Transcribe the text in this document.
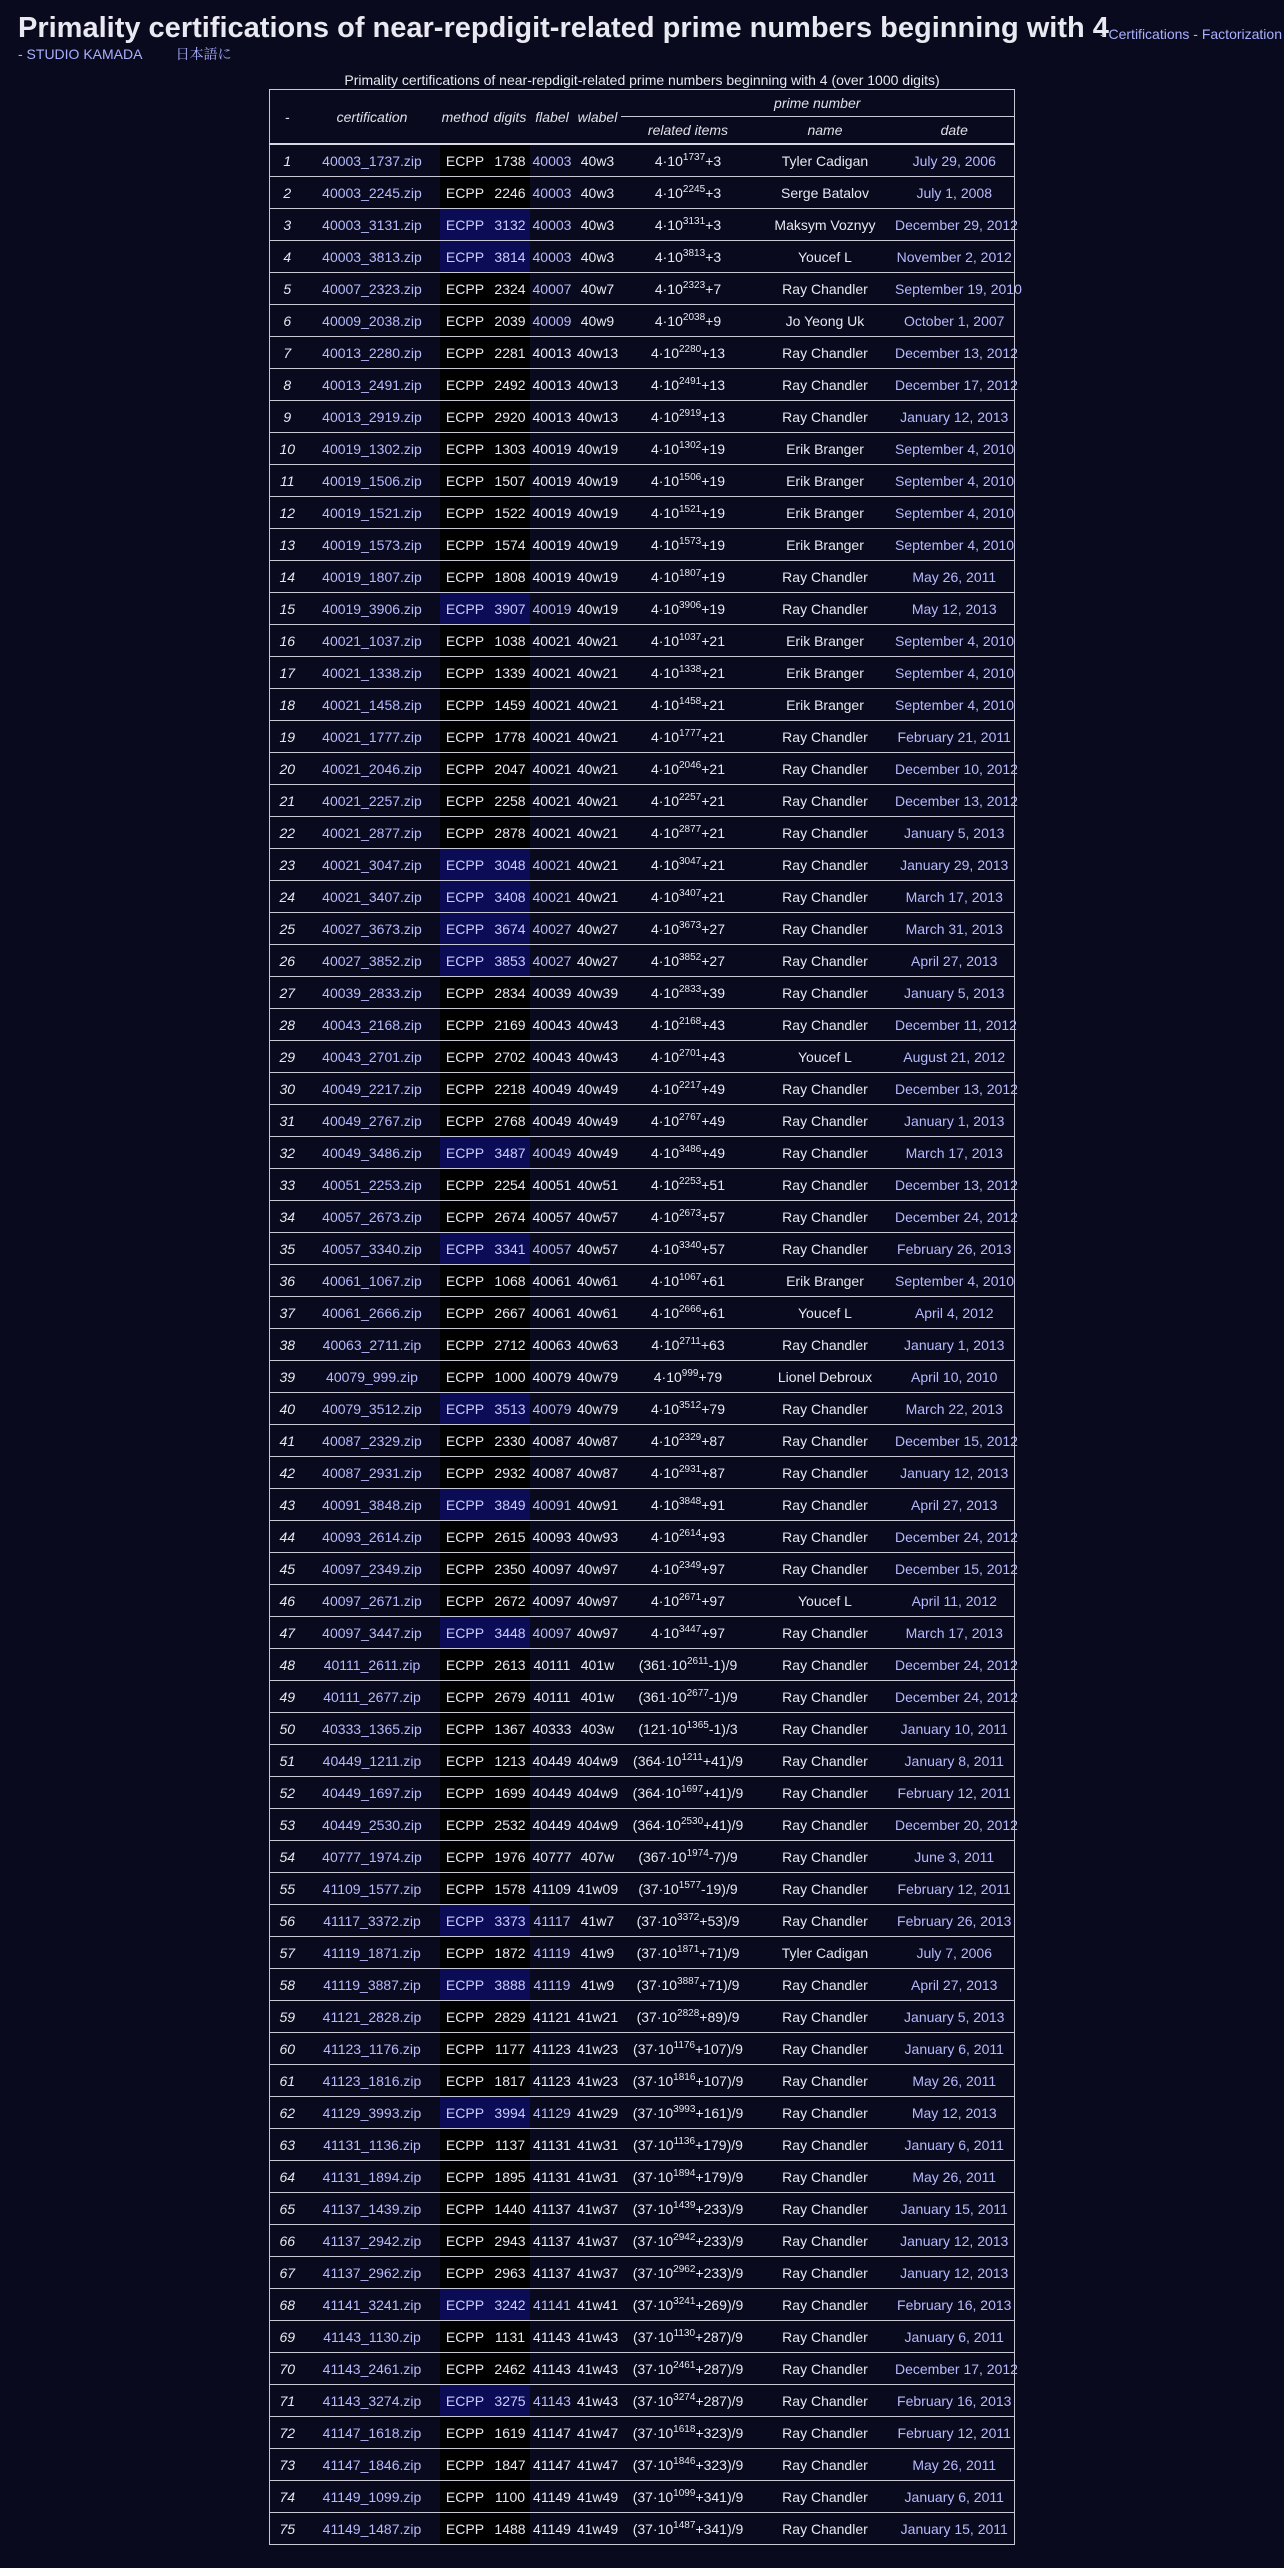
Primality certifications of near-repdigit-related prime numbers beginning with 4
- Certifications - Factorization
- STUDIO KAMADA 日本語に
Primality certifications of near-repdigit-related prime numbers beginning with 4 (over 1000 digits)
-	certification	method	digits	flabel	wlabel	prime number		
						related items	name	date
1	40003_1737.zip	ECPP	1738	40003	40w3	$4\cdot 10^{1737}+3$	Tyler Cadigan	July 29, 2006
2	40003_2245.zip	ECPP	2246	40003	40w3	$4\cdot 10^{2245}+3$	Serge Batalov	July 1, 2008
3	40003_3131.zip	ECPP	3132	40003	40w3	$4\cdot 10^{3131}+3$	Maksym Voznyy	December 29, 2012
4	40003_3813.zip	ECPP	3814	40003	40w3	$4\cdot 10^{3813}+3$	Youcef L	November 2, 2012
5	40007_2323.zip	ECPP	2324	40007	40w7	$4\cdot 10^{2323}+7$	Ray Chandler	September 19, 2010
6	40009_2038.zip	ECPP	2039	40009	40w9	$4\cdot 10^{2038}+9$	Jo Yeong Uk	October 1, 2007
7	40013_2280.zip	ECPP	2281	40013	40w13	$4\cdot 10^{2280}+13$	Ray Chandler	December 13, 2012
8	40013_2491.zip	ECPP	2492	40013	40w13	$4\cdot 10^{2491}+13$	Ray Chandler	December 17, 2012
9	40013_2919.zip	ECPP	2920	40013	40w13	$4\cdot 10^{2919}+13$	Ray Chandler	January 12, 2013
10	40019_1302.zip	ECPP	1303	40019	40w19	$4\cdot 10^{1302}+19$	Erik Branger	September 4, 2010
11	40019_1506.zip	ECPP	1507	40019	40w19	$4\cdot 10^{1506}+19$	Erik Branger	September 4, 2010
12	40019_1521.zip	ECPP	1522	40019	40w19	$4\cdot 10^{1521}+19$	Erik Branger	September 4, 2010
13	40019_1573.zip	ECPP	1574	40019	40w19	$4\cdot 10^{1573}+19$	Erik Branger	September 4, 2010
14	40019_1807.zip	ECPP	1808	40019	40w19	$4\cdot 10^{1807}+19$	Ray Chandler	May 26, 2011
15	40019_3906.zip	ECPP	3907	40019	40w19	$4\cdot 10^{3906}+19$	Ray Chandler	May 12, 2013
16	40021_1037.zip	ECPP	1038	40021	40w21	$4\cdot 10^{1037}+21$	Erik Branger	September 4, 2010
17	40021_1338.zip	ECPP	1339	40021	40w21	$4\cdot 10^{1338}+21$	Erik Branger	September 4, 2010
18	40021_1458.zip	ECPP	1459	40021	40w21	$4\cdot 10^{1458}+21$	Erik Branger	September 4, 2010
19	40021_1777.zip	ECPP	1778	40021	40w21	$4\cdot 10^{1777}+21$	Ray Chandler	February 21, 2011
20	40021_2046.zip	ECPP	2047	40021	40w21	$4\cdot 10^{2046}+21$	Ray Chandler	December 10, 2012
21	40021_2257.zip	ECPP	2258	40021	40w21	$4\cdot 10^{2257}+21$	Ray Chandler	December 13, 2012
22	40021_2877.zip	ECPP	2878	40021	40w21	$4\cdot 10^{2877}+21$	Ray Chandler	January 5, 2013
23	40021_3047.zip	ECPP	3048	40021	40w21	$4\cdot 10^{3047}+21$	Ray Chandler	January 29, 2013
24	40021_3407.zip	ECPP	3408	40021	40w21	$4\cdot 10^{3407}+21$	Ray Chandler	March 17, 2013
25	40027_3673.zip	ECPP	3674	40027	40w27	$4\cdot 10^{3673}+27$	Ray Chandler	March 31, 2013
26	40027_3852.zip	ECPP	3853	40027	40w27	$4\cdot 10^{3852}+27$	Ray Chandler	April 27, 2013
27	40039_2833.zip	ECPP	2834	40039	40w39	$4\cdot 10^{2833}+39$	Ray Chandler	January 5, 2013
28	40043_2168.zip	ECPP	2169	40043	40w43	$4\cdot 10^{2168}+43$	Ray Chandler	December 11, 2012
29	40043_2701.zip	ECPP	2702	40043	40w43	$4\cdot 10^{2701}+43$	Youcef L	August 21, 2012
30	40049_2217.zip	ECPP	2218	40049	40w49	$4\cdot 10^{2217}+49$	Ray Chandler	December 13, 2012
31	40049_2767.zip	ECPP	2768	40049	40w49	$4\cdot 10^{2767}+49$	Ray Chandler	January 1, 2013
32	40049_3486.zip	ECPP	3487	40049	40w49	$4\cdot 10^{3486}+49$	Ray Chandler	March 17, 2013
33	40051_2253.zip	ECPP	2254	40051	40w51	$4\cdot 10^{2253}+51$	Ray Chandler	December 13, 2012
34	40057_2673.zip	ECPP	2674	40057	40w57	$4\cdot 10^{2673}+57$	Ray Chandler	December 24, 2012
35	40057_3340.zip	ECPP	3341	40057	40w57	$4\cdot 10^{3340}+57$	Ray Chandler	February 26, 2013
36	40061_1067.zip	ECPP	1068	40061	40w61	$4\cdot 10^{1067}+61$	Erik Branger	September 4, 2010
37	40061_2666.zip	ECPP	2667	40061	40w61	$4\cdot 10^{2666}+61$	Youcef L	April 4, 2012
38	40063_2711.zip	ECPP	2712	40063	40w63	$4\cdot 10^{2711}+63$	Ray Chandler	January 1, 2013
39	40079_999.zip	ECPP	1000	40079	40w79	$4\cdot 10^{999}+79$	Lionel Debroux	April 10, 2010
40	40079_3512.zip	ECPP	3513	40079	40w79	$4\cdot 10^{3512}+79$	Ray Chandler	March 22, 2013
41	40087_2329.zip	ECPP	2330	40087	40w87	$4\cdot 10^{2329}+87$	Ray Chandler	December 15, 2012
42	40087_2931.zip	ECPP	2932	40087	40w87	$4\cdot 10^{2931}+87$	Ray Chandler	January 12, 2013
43	40091_3848.zip	ECPP	3849	40091	40w91	$4\cdot 10^{3848}+91$	Ray Chandler	April 27, 2013
44	40093_2614.zip	ECPP	2615	40093	40w93	$4\cdot 10^{2614}+93$	Ray Chandler	December 24, 2012
45	40097_2349.zip	ECPP	2350	40097	40w97	$4\cdot 10^{2349}+97$	Ray Chandler	December 15, 2012
46	40097_2671.zip	ECPP	2672	40097	40w97	$4\cdot 10^{2671}+97$	Youcef L	April 11, 2012
47	40097_3447.zip	ECPP	3448	40097	40w97	$4\cdot 10^{3447}+97$	Ray Chandler	March 17, 2013
48	40111_2611.zip	ECPP	2613	40111	401w	$(361\cdot 10^{2611}-1)/9$	Ray Chandler	December 24, 2012
49	40111_2677.zip	ECPP	2679	40111	401w	$(361\cdot 10^{2677}-1)/9$	Ray Chandler	December 24, 2012
50	40333_1365.zip	ECPP	1367	40333	403w	$(121\cdot 10^{1365}-1)/3$	Ray Chandler	January 10, 2011
51	40449_1211.zip	ECPP	1213	40449	404w9	$(364\cdot 10^{1211}+41)/9$	Ray Chandler	January 8, 2011
52	40449_1697.zip	ECPP	1699	40449	404w9	$(364\cdot 10^{1697}+41)/9$	Ray Chandler	February 12, 2011
53	40449_2530.zip	ECPP	2532	40449	404w9	$(364\cdot 10^{2530}+41)/9$	Ray Chandler	December 20, 2012
54	40777_1974.zip	ECPP	1976	40777	407w	$(367\cdot 10^{1974}-7)/9$	Ray Chandler	June 3, 2011
55	41109_1577.zip	ECPP	1578	41109	41w09	$(37\cdot 10^{1577}-19)/9$	Ray Chandler	February 12, 2011
56	41117_3372.zip	ECPP	3373	41117	41w7	$(37\cdot 10^{3372}+53)/9$	Ray Chandler	February 26, 2013
57	41119_1871.zip	ECPP	1872	41119	41w9	$(37\cdot 10^{1871}+71)/9$	Tyler Cadigan	July 7, 2006
58	41119_3887.zip	ECPP	3888	41119	41w9	$(37\cdot 10^{3887}+71)/9$	Ray Chandler	April 27, 2013
59	41121_2828.zip	ECPP	2829	41121	41w21	$(37\cdot 10^{2828}+89)/9$	Ray Chandler	January 5, 2013
60	41123_1176.zip	ECPP	1177	41123	41w23	$(37\cdot 10^{1176}+107)/9$	Ray Chandler	January 6, 2011
61	41123_1816.zip	ECPP	1817	41123	41w23	$(37\cdot 10^{1816}+107)/9$	Ray Chandler	May 26, 2011
62	41129_3993.zip	ECPP	3994	41129	41w29	$(37\cdot 10^{3993}+161)/9$	Ray Chandler	May 12, 2013
63	41131_1136.zip	ECPP	1137	41131	41w31	$(37\cdot 10^{1136}+179)/9$	Ray Chandler	January 6, 2011
64	41131_1894.zip	ECPP	1895	41131	41w31	$(37\cdot 10^{1894}+179)/9$	Ray Chandler	May 26, 2011
65	41137_1439.zip	ECPP	1440	41137	41w37	$(37\cdot 10^{1439}+233)/9$	Ray Chandler	January 15, 2011
66	41137_2942.zip	ECPP	2943	41137	41w37	$(37\cdot 10^{2942}+233)/9$	Ray Chandler	January 12, 2013
67	41137_2962.zip	ECPP	2963	41137	41w37	$(37\cdot 10^{2962}+233)/9$	Ray Chandler	January 12, 2013
68	41141_3241.zip	ECPP	3242	41141	41w41	$(37\cdot 10^{3241}+269)/9$	Ray Chandler	February 16, 2013
69	41143_1130.zip	ECPP	1131	41143	41w43	$(37\cdot 10^{1130}+287)/9$	Ray Chandler	January 6, 2011
70	41143_2461.zip	ECPP	2462	41143	41w43	$(37\cdot 10^{2461}+287)/9$	Ray Chandler	December 17, 2012
71	41143_3274.zip	ECPP	3275	41143	41w43	$(37\cdot 10^{3274}+287)/9$	Ray Chandler	February 16, 2013
72	41147_1618.zip	ECPP	1619	41147	41w47	$(37\cdot 10^{1618}+323)/9$	Ray Chandler	February 12, 2011
73	41147_1846.zip	ECPP	1847	41147	41w47	$(37\cdot 10^{1846}+323)/9$	Ray Chandler	May 26, 2011
74	41149_1099.zip	ECPP	1100	41149	41w49	$(37\cdot 10^{1099}+341)/9$	Ray Chandler	January 6, 2011
75	41149_1487.zip	ECPP	1488	41149	41w49	$(37\cdot 10^{1487}+341)/9$	Ray Chandler	January 15, 2011
